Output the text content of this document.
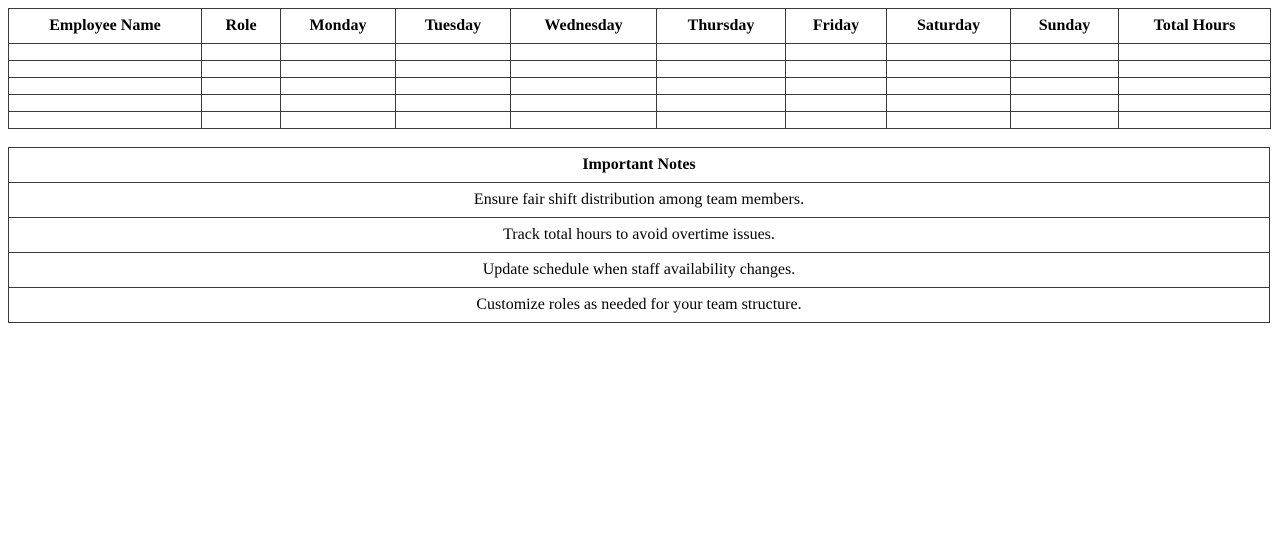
Employee Name	Role	Monday	Tuesday	Wednesday	Thursday	Friday	Saturday	Sunday	Total Hours

Important Notes
Ensure fair shift distribution among team members.
Track total hours to avoid overtime issues.
Update schedule when staff availability changes.
Customize roles as needed for your team structure.
